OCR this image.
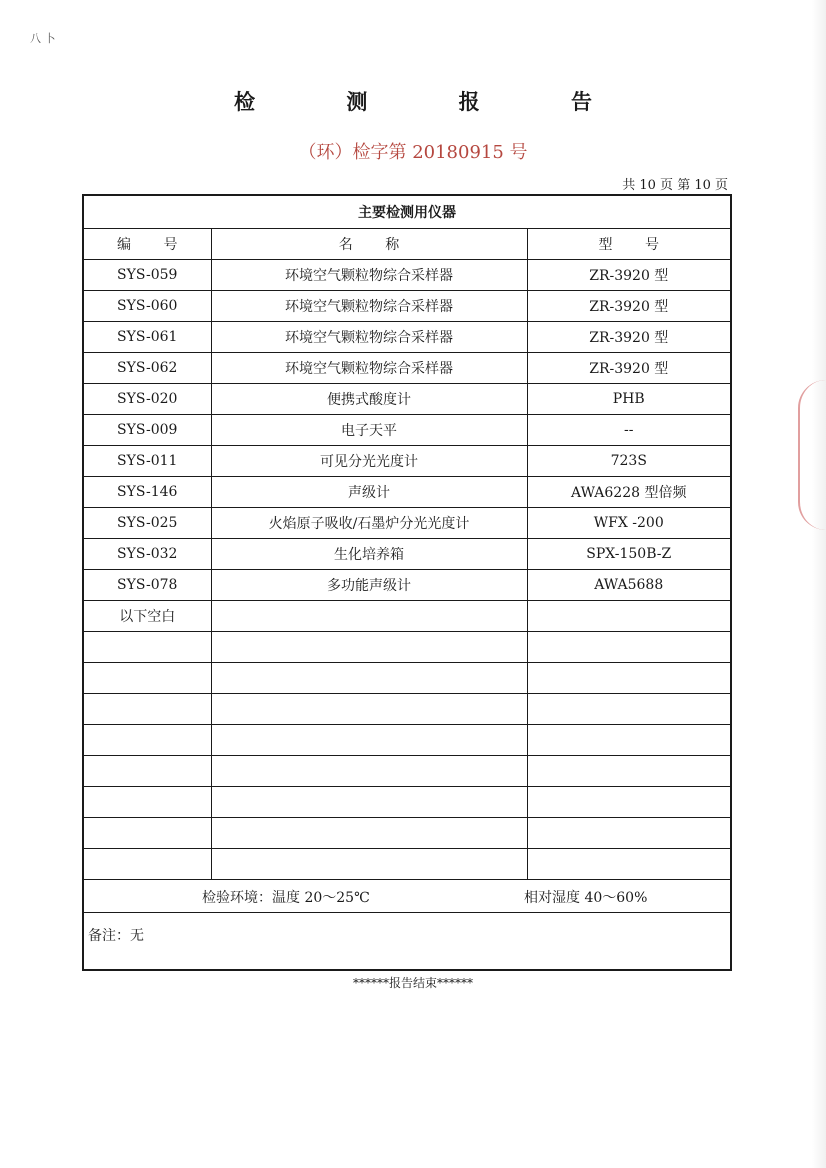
八 卜
检 测 报 告
（环）检字第 20180915 号
共 10 页 第 10 页
主要检测用仪器		
编 号	名 称	型 号
SYS-059	环境空气颗粒物综合采样器	ZR-3920 型
SYS-060	环境空气颗粒物综合采样器	ZR-3920 型
SYS-061	环境空气颗粒物综合采样器	ZR-3920 型
SYS-062	环境空气颗粒物综合采样器	ZR-3920 型
SYS-020	便携式酸度计	PHB
SYS-009	电子天平	--
SYS-011	可见分光光度计	723S
SYS-146	声级计	AWA6228 型倍频
SYS-025	火焰原子吸收/石墨炉分光光度计	WFX -200
SYS-032	生化培养箱	SPX-150B-Z
SYS-078	多功能声级计	AWA5688
以下空白		

检验环境：温度 20～25℃ 相对湿度 40～60%		

备注：无		
******报告结束******
